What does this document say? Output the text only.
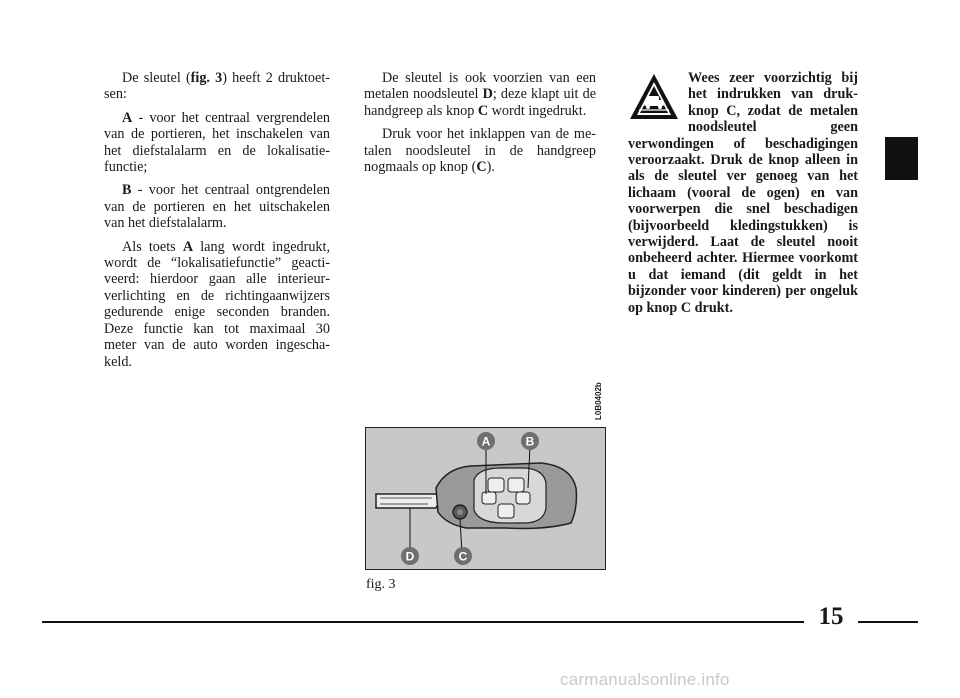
De sleutel (fig. 3) heeft 2 druktoetsen:

A - voor het centraal vergrendelen van de portieren, het inschakelen van het diefstalalarm en de lokalisatiefunctie;

B - voor het centraal ontgrendelen van de portieren en het uitschakelen van het diefstalalarm.

Als toets A lang wordt ingedrukt, wordt de “lokalisatiefunctie” geactiveerd: hierdoor gaan alle interieurverlichting en de richtingaanwijzers gedurende enige seconden branden. Deze functie kan tot maximaal 30 meter van de auto worden ingeschakeld.

De sleutel is ook voorzien van een metalen noodsleutel D; deze klapt uit de handgreep als knop C wordt ingedrukt.

Druk voor het inklappen van de metalen noodsleutel in de handgreep nogmaals op knop (C).

Wees zeer voorzichtig bij het indrukken van drukknop C, zodat de metalen noodsleutel geen verwondingen of beschadigingen veroorzaakt. Druk de knop alleen in als de sleutel ver genoeg van het lichaam (vooral de ogen) en van voorwerpen die snel beschadigen (bijvoorbeeld kledingstukken) is verwijderd. Laat de sleutel nooit onbeheerd achter. Hiermee voorkomt u dat iemand (dit geldt in het bijzonder voor kinderen) per ongeluk op knop C drukt.

A	B
C
D
L0B0402b
fig. 3
15
carmanualsonline.info
